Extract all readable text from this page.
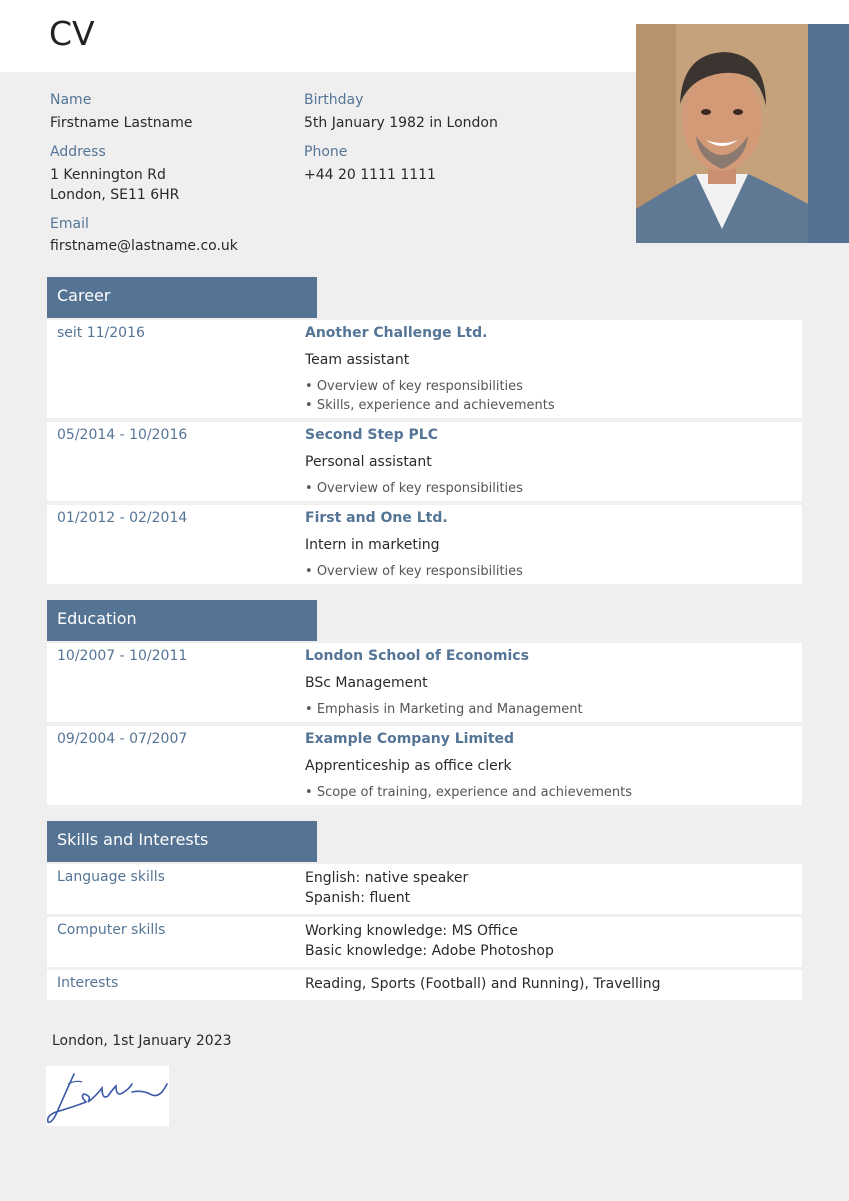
CV
Name
Firstname Lastname
Birthday
5th January 1982 in London
Address
1 Kennington Rd
London, SE11 6HR
Phone
+44 20 1111 1111
Email
firstname@lastname.co.uk
Career
seit 11/2016	Another Challenge Ltd.
Team assistant
• Overview of key responsibilities
• Skills, experience and achievements
05/2014 - 10/2016	Second Step PLC
Personal assistant
• Overview of key responsibilities
01/2012 - 02/2014	First and One Ltd.
Intern in marketing
• Overview of key responsibilities
Education
10/2007 - 10/2011	London School of Economics
BSc Management
• Emphasis in Marketing and Management
09/2004 - 07/2007	Example Company Limited
Apprenticeship as office clerk
• Scope of training, experience and achievements
Skills and Interests
Language skills	English: native speaker
Spanish: fluent
Computer skills	Working knowledge: MS Office
Basic knowledge: Adobe Photoshop
Interests	Reading, Sports (Football) and Running), Travelling
London, 1st January 2023
